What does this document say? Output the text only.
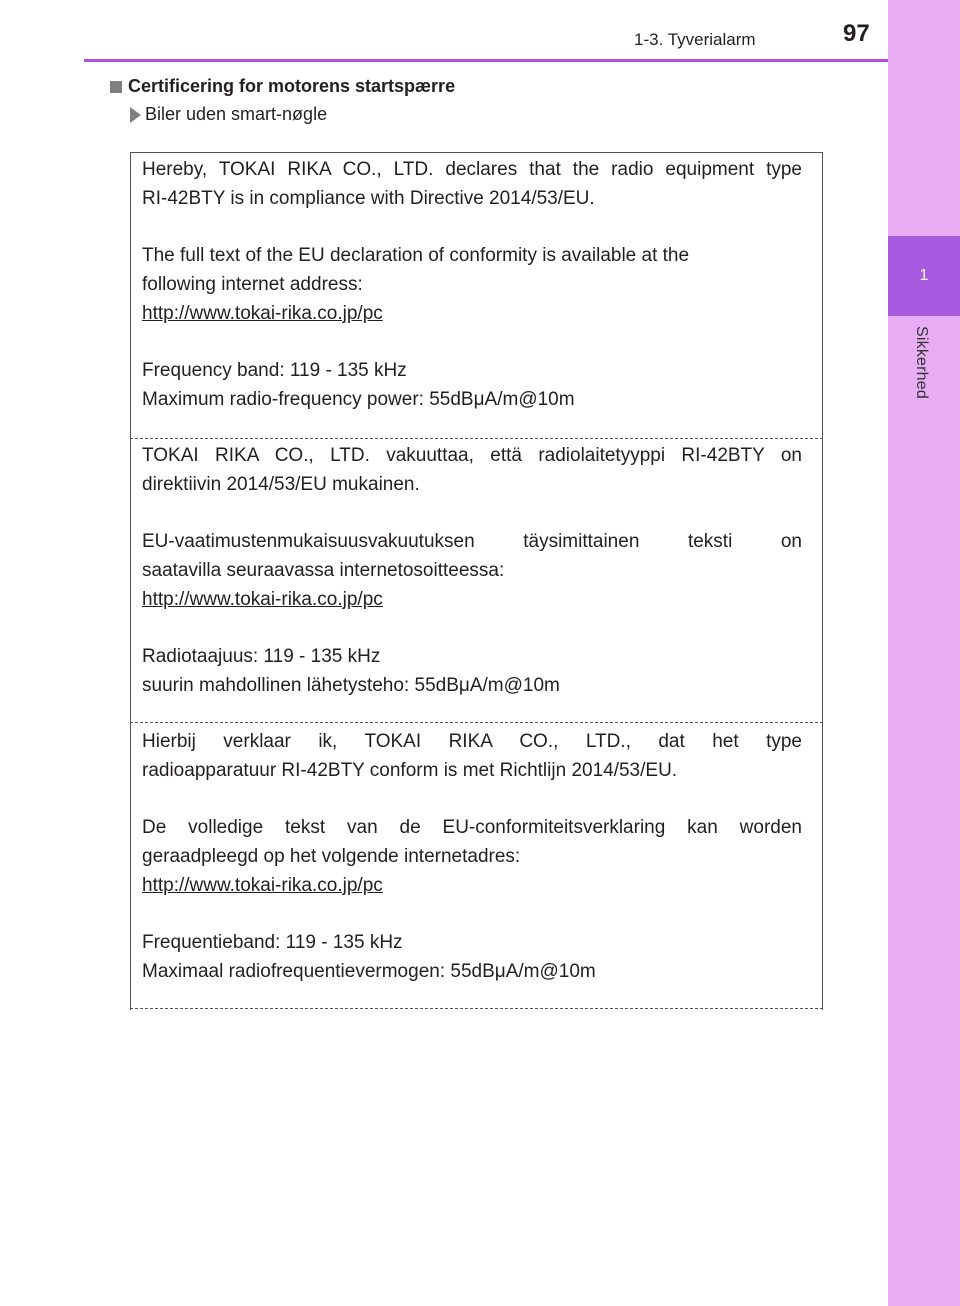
1
Sikkerhed
1-3. Tyverialarm	97
Certificering for motorens startspærre
Biler uden smart-nøgle

Hereby, TOKAI RIKA CO., LTD. declares that the radio equipment type

RI-42BTY is in compliance with Directive 2014/53/EU.

The full text of the EU declaration of conformity is available at the

following internet address:

http://www.tokai-rika.co.jp/pc

Frequency band: 119 - 135 kHz

Maximum radio-frequency power: 55dBμA/m@10m

TOKAI RIKA CO., LTD. vakuuttaa, että radiolaitetyyppi RI-42BTY on

direktiivin 2014/53/EU mukainen.

EU-vaatimustenmukaisuusvakuutuksen täysimittainen teksti on

saatavilla seuraavassa internetosoitteessa:

http://www.tokai-rika.co.jp/pc

Radiotaajuus: 119 - 135 kHz

suurin mahdollinen lähetysteho: 55dBμA/m@10m

Hierbij verklaar ik, TOKAI RIKA CO., LTD., dat het type

radioapparatuur RI-42BTY conform is met Richtlijn 2014/53/EU.

De volledige tekst van de EU-conformiteitsverklaring kan worden

geraadpleegd op het volgende internetadres:

http://www.tokai-rika.co.jp/pc

Frequentieband: 119 - 135 kHz

Maximaal radiofrequentievermogen: 55dBμA/m@10m
